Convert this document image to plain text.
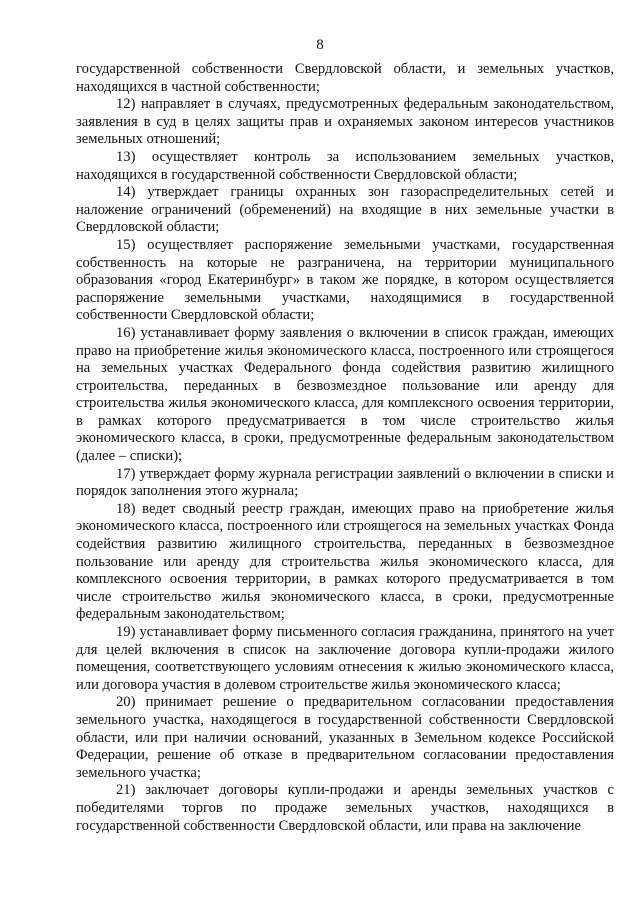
8

государственной собственности Свердловской области, и земельных участков, находящихся в частной собственности;

12) направляет в случаях, предусмотренных федеральным законодательством, заявления в суд в целях защиты прав и охраняемых законом интересов участников земельных отношений;

13) осуществляет контроль за использованием земельных участков, находящихся в государственной собственности Свердловской области;

14) утверждает границы охранных зон газораспределительных сетей и наложение ограничений (обременений) на входящие в них земельные участки в Свердловской области;

15) осуществляет распоряжение земельными участками, государственная собственность на которые не разграничена, на территории муниципального образования «город Екатеринбург» в таком же порядке, в котором осуществляется распоряжение земельными участками, находящимися в государственной собственности Свердловской области;

16) устанавливает форму заявления о включении в список граждан, имеющих право на приобретение жилья экономического класса, построенного или строящегося на земельных участках Федерального фонда содействия развитию жилищного строительства, переданных в безвозмездное пользование или аренду для строительства жилья экономического класса, для комплексного освоения территории, в рамках которого предусматривается в том числе строительство жилья экономического класса, в сроки, предусмотренные федеральным законодательством (далее – списки);

17) утверждает форму журнала регистрации заявлений о включении в списки и порядок заполнения этого журнала;

18) ведет сводный реестр граждан, имеющих право на приобретение жилья экономического класса, построенного или строящегося на земельных участках Фонда содействия развитию жилищного строительства, переданных в безвозмездное пользование или аренду для строительства жилья экономического класса, для комплексного освоения территории, в рамках которого предусматривается в том числе строительство жилья экономического класса, в сроки, предусмотренные федеральным законодательством;

19) устанавливает форму письменного согласия гражданина, принятого на учет для целей включения в список на заключение договора купли-продажи жилого помещения, соответствующего условиям отнесения к жилью экономического класса, или договора участия в долевом строительстве жилья экономического класса;

20) принимает решение о предварительном согласовании предоставления земельного участка, находящегося в государственной собственности Свердловской области, или при наличии оснований, указанных в Земельном кодексе Российской Федерации, решение об отказе в предварительном согласовании предоставления земельного участка;

21) заключает договоры купли-продажи и аренды земельных участков с победителями торгов по продаже земельных участков, находящихся в государственной собственности Свердловской области, или права на заключение
